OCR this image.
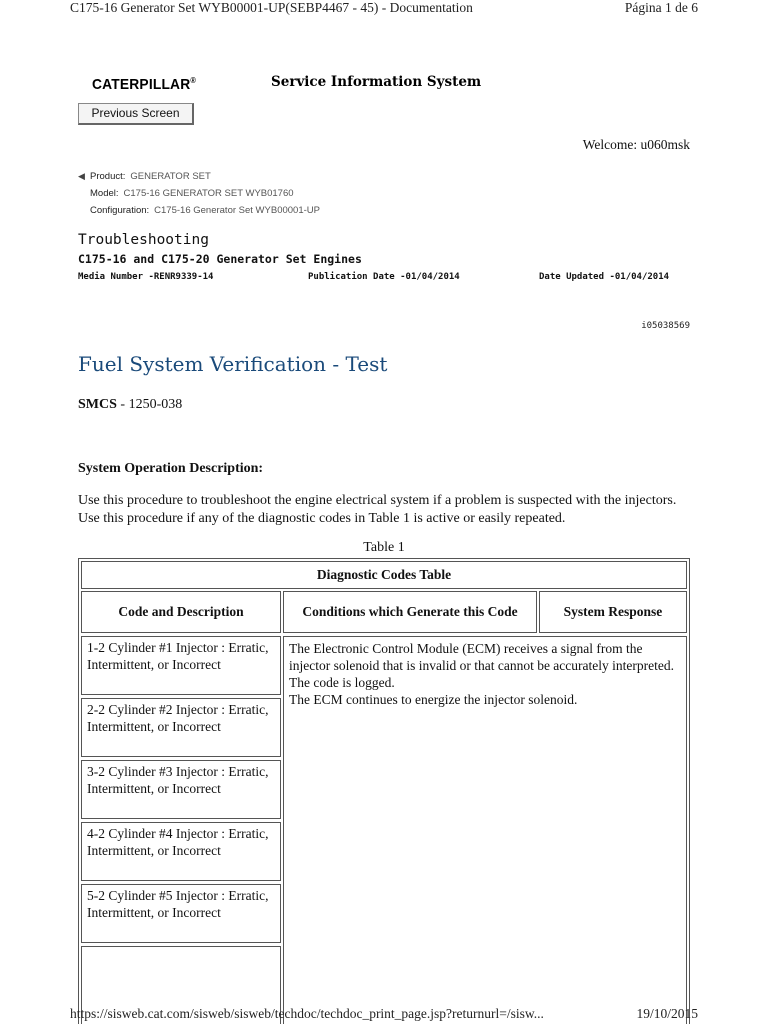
C175-16 Generator Set WYB00001-UP(SEBP4467 - 45) - Documentation	Página 1 de 6
CATERPILLAR®	Service Information System
Previous Screen
Welcome: u060msk
◀ Product: GENERATOR SET
Model: C175-16 GENERATOR SET WYB01760
Configuration: C175-16 Generator Set WYB00001-UP
Troubleshooting
C175-16 and C175-20 Generator Set Engines
Media Number -RENR9339-14	Publication Date -01/04/2014	Date Updated -01/04/2014
i05038569
Fuel System Verification - Test
SMCS - 1250-038
System Operation Description:

Use this procedure to troubleshoot the engine electrical system if a problem is suspected with the injectors. Use this procedure if any of the diagnostic codes in Table 1 is active or easily repeated.

Table 1
Diagnostic Codes Table
Code and Description	Conditions which Generate this Code	System Response
1-2 Cylinder #1 Injector : Erratic, Intermittent, or Incorrect
2-2 Cylinder #2 Injector : Erratic, Intermittent, or Incorrect
3-2 Cylinder #3 Injector : Erratic, Intermittent, or Incorrect
4-2 Cylinder #4 Injector : Erratic, Intermittent, or Incorrect
5-2 Cylinder #5 Injector : Erratic, Intermittent, or Incorrect
The Electronic Control Module (ECM) receives a signal from the injector solenoid that is invalid or that cannot be accurately interpreted.
The code is logged.
The ECM continues to energize the injector solenoid.
https://sisweb.cat.com/sisweb/sisweb/techdoc/techdoc_print_page.jsp?returnurl=/sisw...	19/10/2015
